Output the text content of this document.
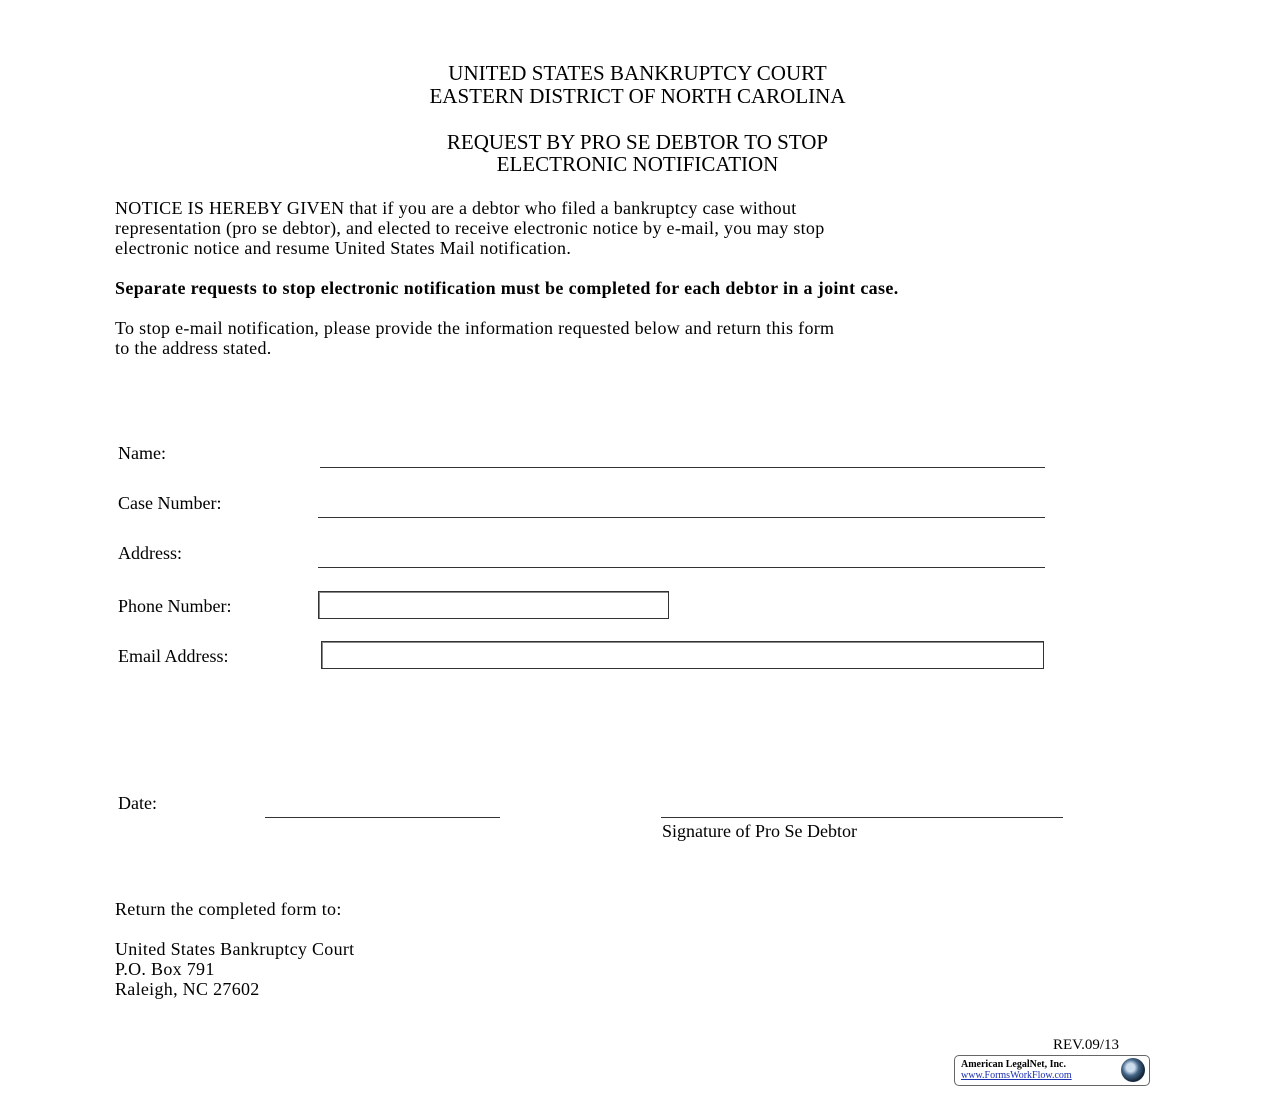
UNITED STATES BANKRUPTCY COURT
EASTERN DISTRICT OF NORTH CAROLINA
REQUEST BY PRO SE DEBTOR TO STOP
ELECTRONIC NOTIFICATION
NOTICE IS HEREBY GIVEN that if you are a debtor who filed a bankruptcy case without
representation (pro se debtor), and elected to receive electronic notice by e-mail, you may stop
electronic notice and resume United States Mail notification.
Separate requests to stop electronic notification must be completed for each debtor in a joint case.
To stop e-mail notification, please provide the information requested below and return this form
to the address stated.
Name:
Case Number:
Address:
Phone Number:
Email Address:
Date:
Signature of Pro Se Debtor
Return the completed form to:
United States Bankruptcy Court
P.O. Box 791
Raleigh, NC 27602
REV.09/13
American LegalNet, Inc.
www.FormsWorkFlow.com
